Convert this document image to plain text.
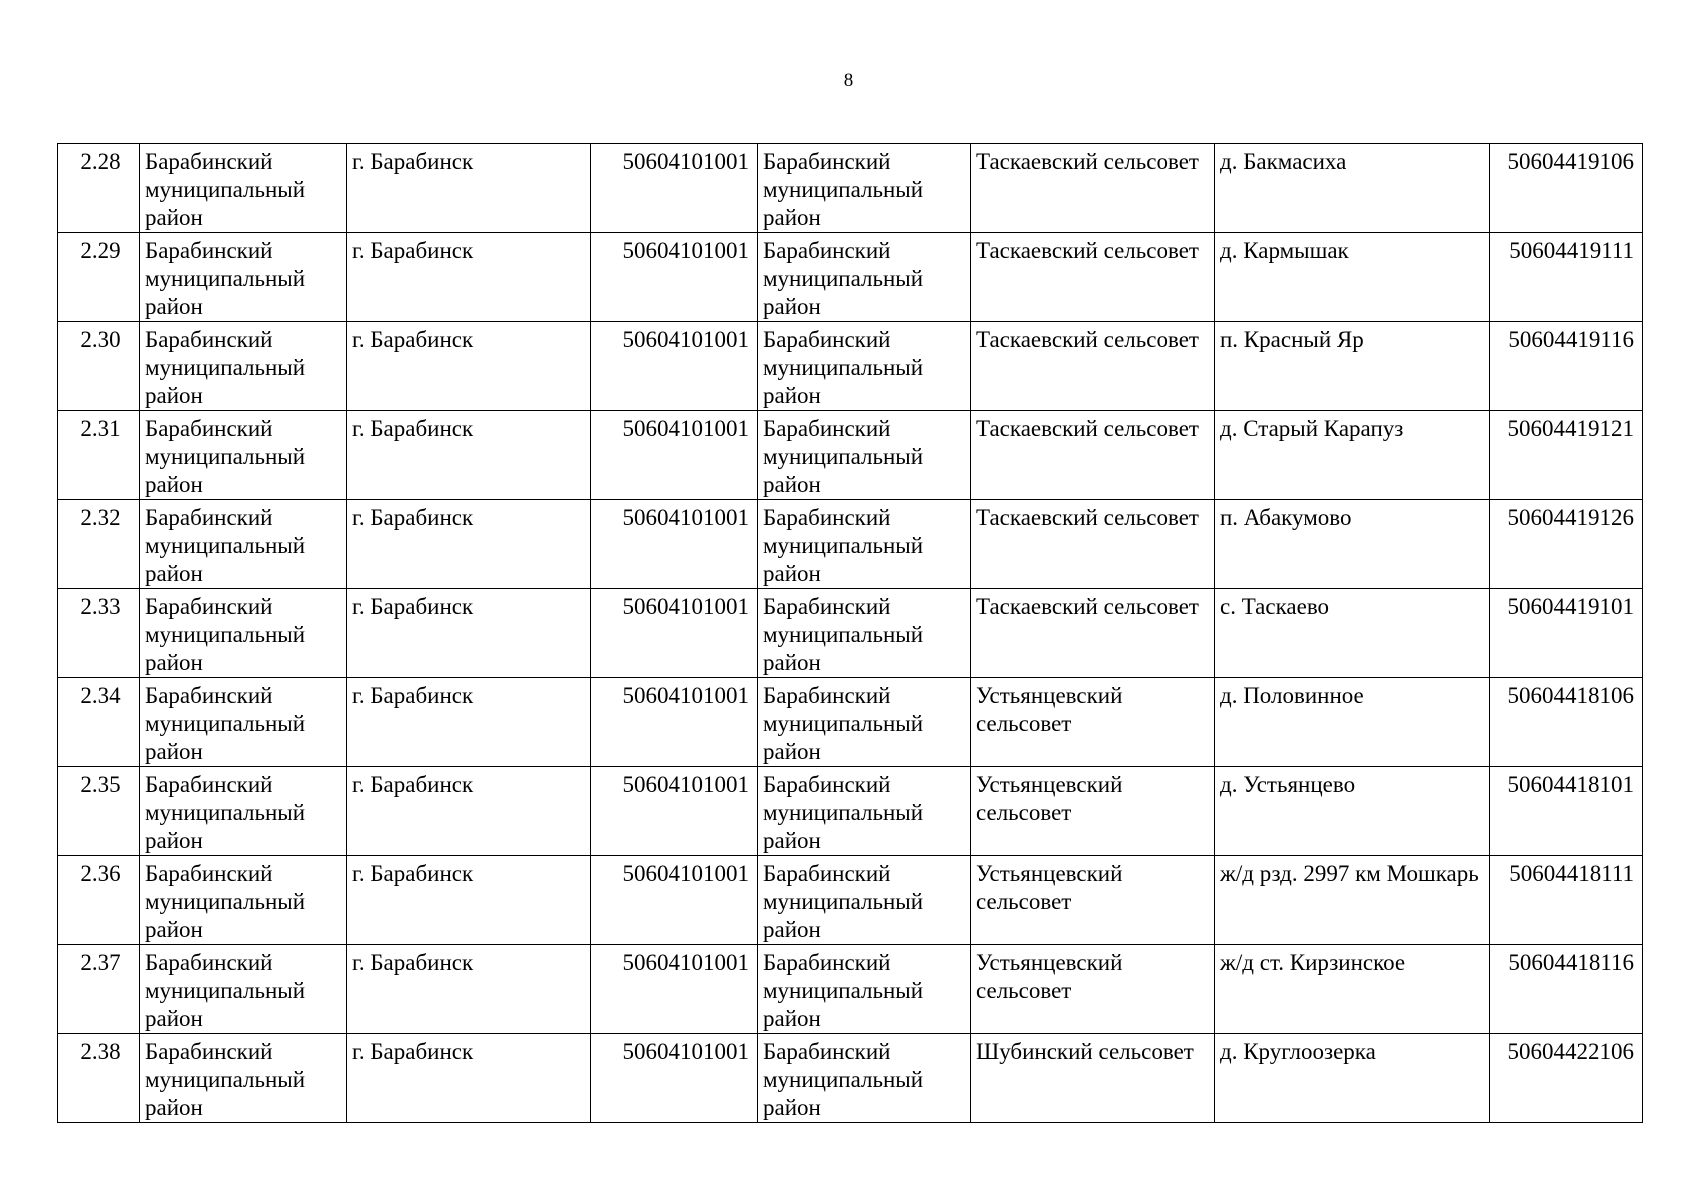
8
2.28	Барабинский муниципальный район	г. Барабинск	50604101001	Барабинский муниципальный район	Таскаевский сельсовет	д. Бакмасиха	50604419106
2.29	Барабинский муниципальный район	г. Барабинск	50604101001	Барабинский муниципальный район	Таскаевский сельсовет	д. Кармышак	50604419111
2.30	Барабинский муниципальный район	г. Барабинск	50604101001	Барабинский муниципальный район	Таскаевский сельсовет	п. Красный Яр	50604419116
2.31	Барабинский муниципальный район	г. Барабинск	50604101001	Барабинский муниципальный район	Таскаевский сельсовет	д. Старый Карапуз	50604419121
2.32	Барабинский муниципальный район	г. Барабинск	50604101001	Барабинский муниципальный район	Таскаевский сельсовет	п. Абакумово	50604419126
2.33	Барабинский муниципальный район	г. Барабинск	50604101001	Барабинский муниципальный район	Таскаевский сельсовет	с. Таскаево	50604419101
2.34	Барабинский муниципальный район	г. Барабинск	50604101001	Барабинский муниципальный район	Устьянцевский сельсовет	д. Половинное	50604418106
2.35	Барабинский муниципальный район	г. Барабинск	50604101001	Барабинский муниципальный район	Устьянцевский сельсовет	д. Устьянцево	50604418101
2.36	Барабинский муниципальный район	г. Барабинск	50604101001	Барабинский муниципальный район	Устьянцевский сельсовет	ж/д рзд. 2997 км Мошкарь	50604418111
2.37	Барабинский муниципальный район	г. Барабинск	50604101001	Барабинский муниципальный район	Устьянцевский сельсовет	ж/д ст. Кирзинское	50604418116
2.38	Барабинский муниципальный район	г. Барабинск	50604101001	Барабинский муниципальный район	Шубинский сельсовет	д. Круглоозерка	50604422106
